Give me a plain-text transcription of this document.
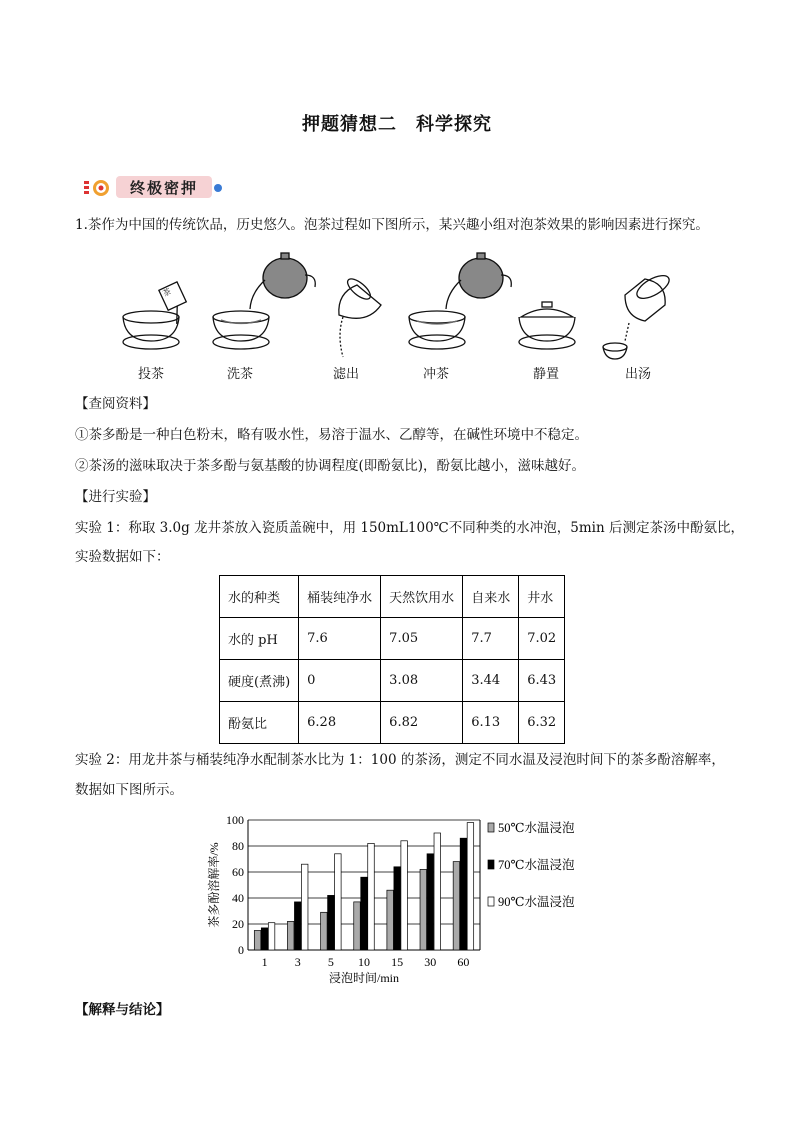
押题猜想二　科学探究
终极密押
1.茶作为中国的传统饮品，历史悠久。泡茶过程如下图所示，某兴趣小组对泡茶效果的影响因素进行探究。
茶
投茶	洗茶	滤出	冲茶	静置	出汤
【查阅资料】
①茶多酚是一种白色粉末，略有吸水性，易溶于温水、乙醇等，在碱性环境中不稳定。
②茶汤的滋味取决于茶多酚与氨基酸的协调程度(即酚氨比)，酚氨比越小，滋味越好。
【进行实验】
实验 1：称取 3.0g 龙井茶放入瓷质盖碗中，用 150mL100℃不同种类的水冲泡，5min 后测定茶汤中酚氨比，
实验数据如下：
水的种类	桶装纯净水	天然饮用水	自来水	井水
水的 pH	7.6	7.05	7.7	7.02
硬度(煮沸)	0	3.08	3.44	6.43
酚氨比	6.28	6.82	6.13	6.32
实验 2：用龙井茶与桶装纯净水配制茶水比为 1：100 的茶汤，测定不同水温及浸泡时间下的茶多酚溶解率，
数据如下图所示。
0
20
40
60
80
100
1 3 5 10 15 30 60
浸泡时间/min
茶多酚溶解率/%
50℃水温浸泡
70℃水温浸泡
90℃水温浸泡
【解释与结论】
